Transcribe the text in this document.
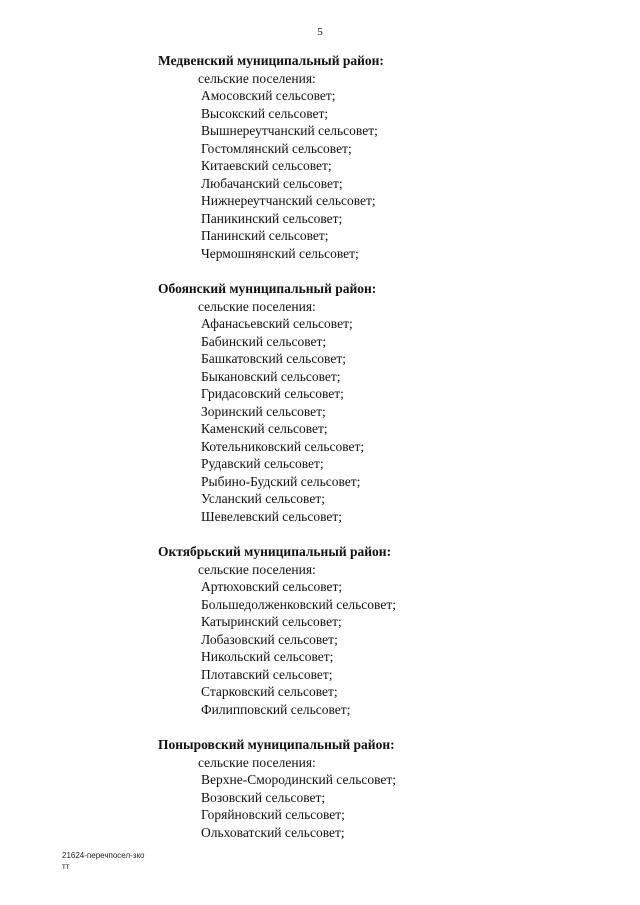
5

Медвенский муниципальный район:

сельские поселения:

Амосовский сельсовет;
Высокский сельсовет;
Вышнереутчанский сельсовет;
Гостомлянский сельсовет;
Китаевский сельсовет;
Любачанский сельсовет;
Нижнереутчанский сельсовет;
Паникинский сельсовет;
Панинский сельсовет;
Чермошнянский сельсовет;

Обоянский муниципальный район:

сельские поселения:

Афанасьевский сельсовет;
Бабинский сельсовет;
Башкатовский сельсовет;
Быкановский сельсовет;
Гридасовский сельсовет;
Зоринский сельсовет;
Каменский сельсовет;
Котельниковский сельсовет;
Рудавский сельсовет;
Рыбино-Будский сельсовет;
Усланский сельсовет;
Шевелевский сельсовет;

Октябрьский муниципальный район:

сельские поселения:

Артюховский сельсовет;
Большедолженковский сельсовет;
Катыринский сельсовет;
Лобазовский сельсовет;
Никольский сельсовет;
Плотавский сельсовет;
Старковский сельсовет;
Филипповский сельсовет;

Поныровский муниципальный район:

сельские поселения:

Верхне-Смородинский сельсовет;
Возовский сельсовет;
Горяйновский сельсовет;
Ольховатский сельсовет;
21624-перечпосел-зко
тт
